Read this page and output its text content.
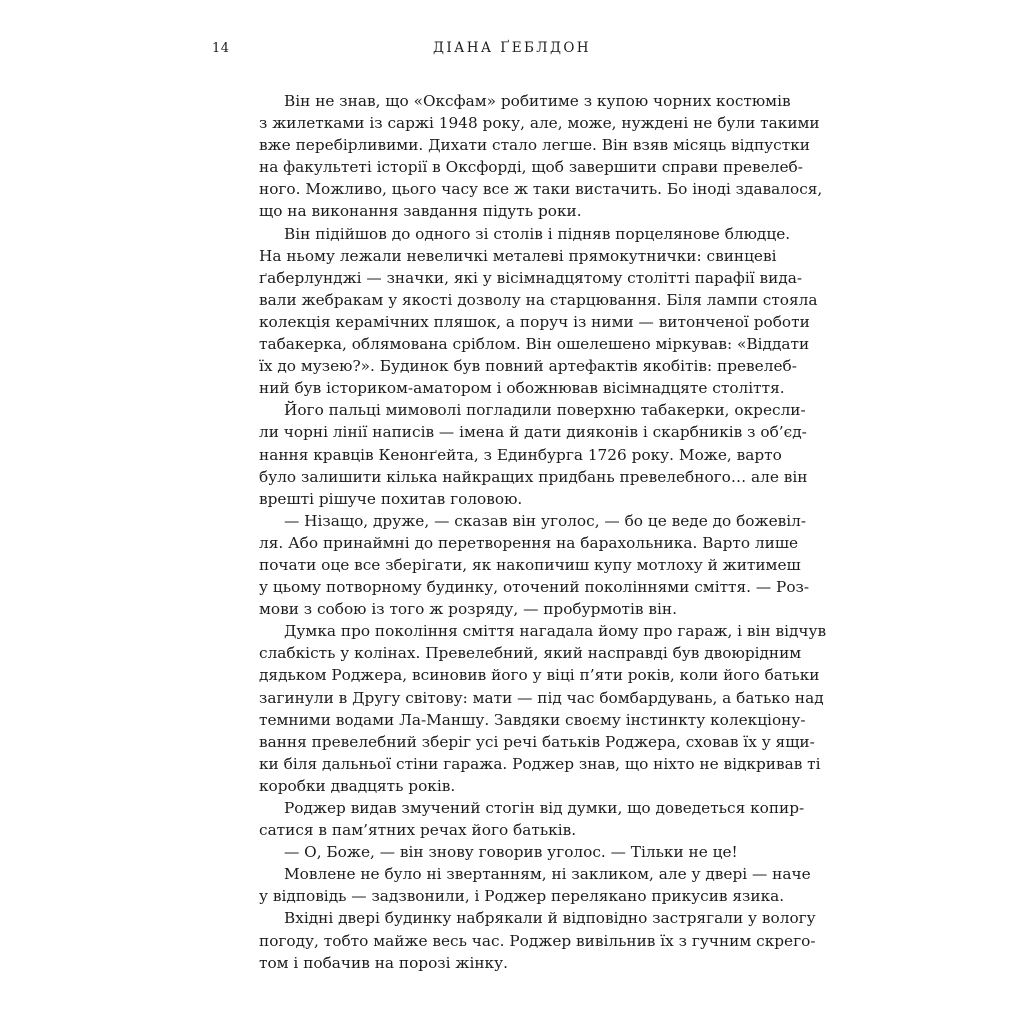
14	ДІАНА ҐЕБЛДОН
Він не знав, що «Оксфам» робитиме з купою чорних костюмів
з жилетками із саржі 1948 року, але, може, нуждені не були такими
вже перебірливими. Дихати стало легше. Він взяв місяць відпустки
на факультеті історії в Оксфорді, щоб завершити справи превелеб-
ного. Можливо, цього часу все ж таки вистачить. Бо іноді здавалося,
що на виконання завдання підуть роки.
Він підійшов до одного зі столів і підняв порцелянове блюдце.
На ньому лежали невеличкі металеві прямокутнички: свинцеві
ґаберлунджі — значки, які у вісімнадцятому столітті парафії вида-
вали жебракам у якості дозволу на старцювання. Біля лампи стояла
колекція керамічних пляшок, а поруч із ними — витонченої роботи
табакерка, облямована сріблом. Він ошелешено міркував: «Віддати
їх до музею?». Будинок був повний артефактів якобітів: превелеб-
ний був істориком-аматором і обожнював вісімнадцяте століття.
Його пальці мимоволі погладили поверхню табакерки, окресли-
ли чорні лінії написів — імена й дати дияконів і скарбників з об’єд-
нання кравців Кенонґейта, з Единбурга 1726 року. Може, варто
було залишити кілька найкращих придбань превелебного… але він
врешті рішуче похитав головою.
— Нізащо, друже, — сказав він уголос, — бо це веде до божевіл-
ля. Або принаймні до перетворення на барахольника. Варто лише
почати оце все зберігати, як накопичиш купу мотлоху й житимеш
у цьому потворному будинку, оточений поколіннями сміття. — Роз-
мови з собою із того ж розряду, — пробурмотів він.
Думка про покоління сміття нагадала йому про гараж, і він відчув
слабкість у колінах. Превелебний, який насправді був двоюрідним
дядьком Роджера, всиновив його у віці п’яти років, коли його батьки
загинули в Другу світову: мати — під час бомбардувань, а батько над
темними водами Ла-Маншу. Завдяки своєму інстинкту колекціону-
вання превелебний зберіг усі речі батьків Роджера, сховав їх у ящи-
ки біля дальньої стіни гаража. Роджер знав, що ніхто не відкривав ті
коробки двадцять років.
Роджер видав змучений стогін від думки, що доведеться копир-
сатися в пам’ятних речах його батьків.
— О, Боже, — він знову говорив уголос. — Тільки не це!
Мовлене не було ні звертанням, ні закликом, але у двері — наче
у відповідь — задзвонили, і Роджер перелякано прикусив язика.
Вхідні двері будинку набрякали й відповідно застрягали у вологу
погоду, тобто майже весь час. Роджер вивільнив їх з гучним скрего-
том і побачив на порозі жінку.
